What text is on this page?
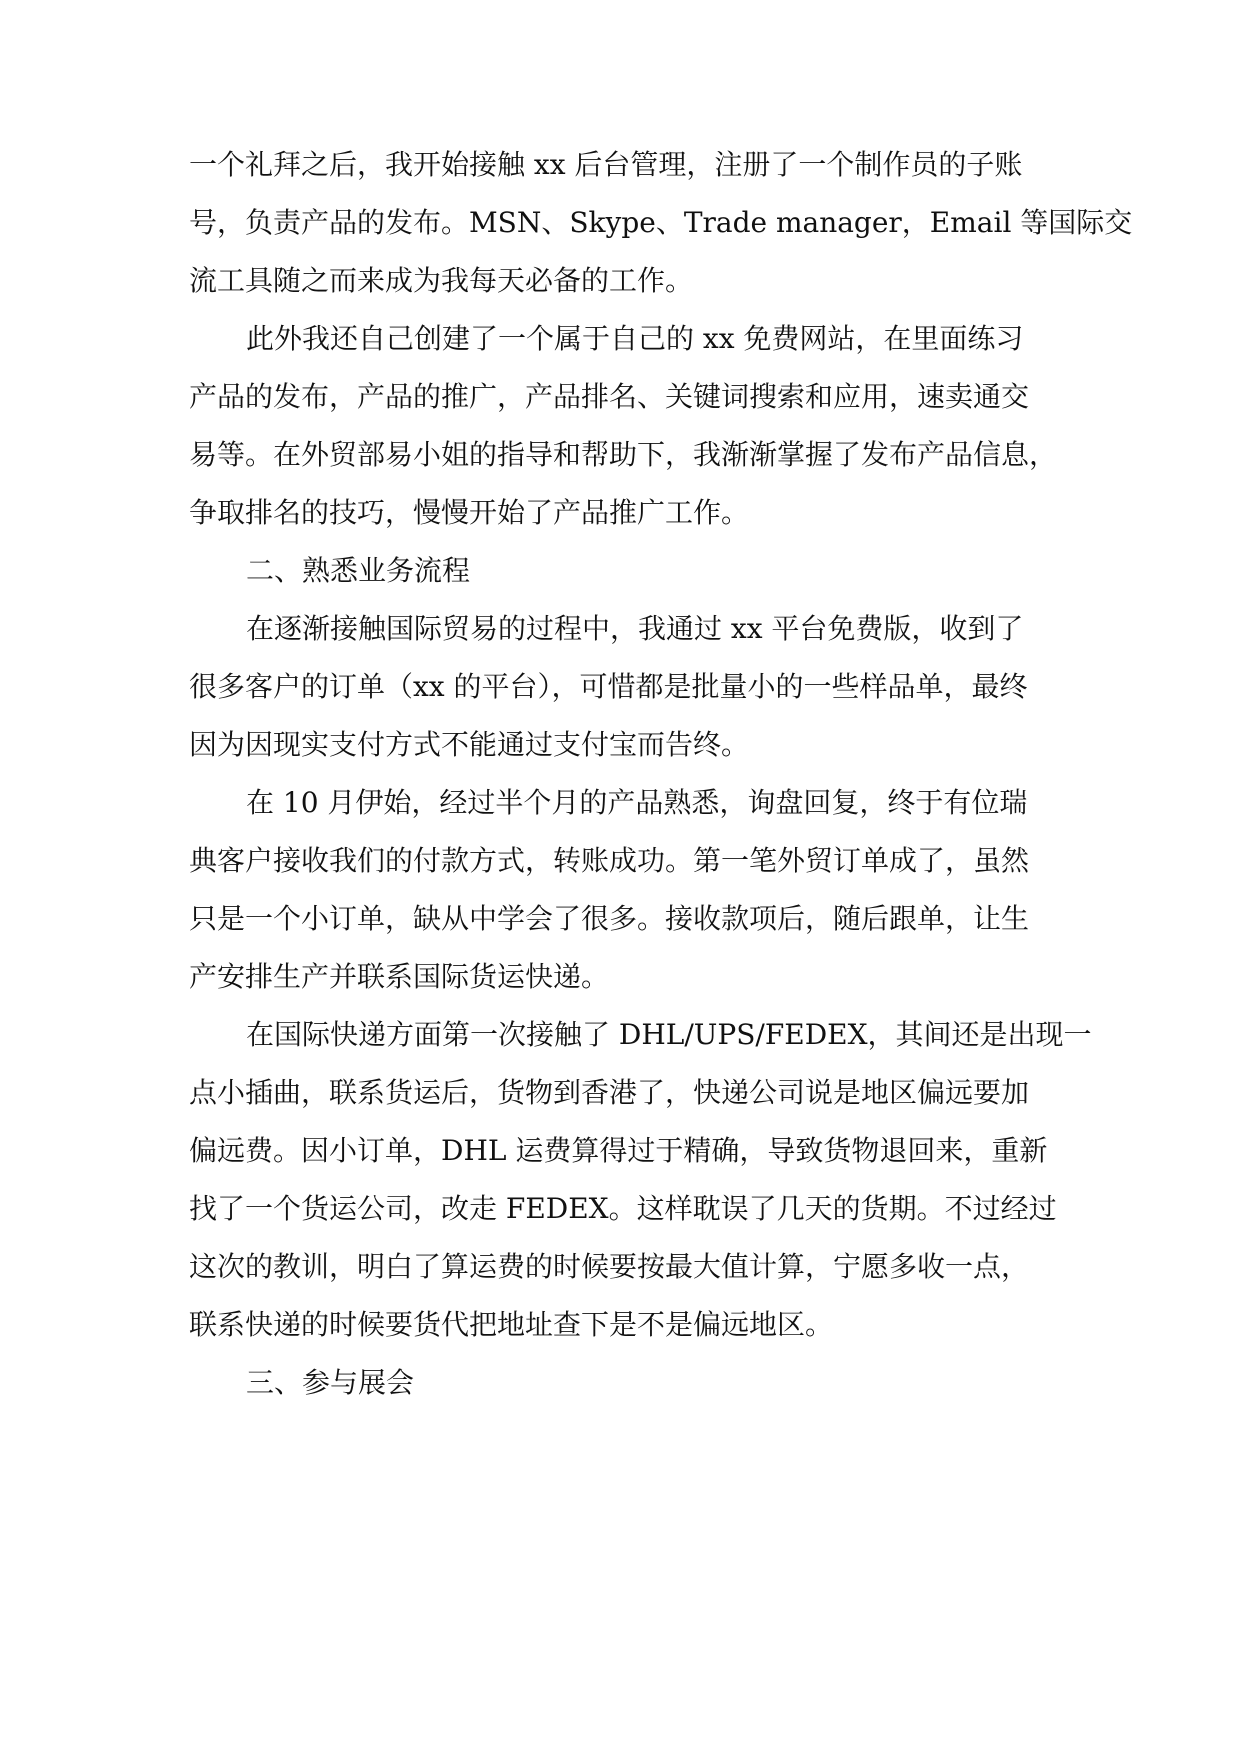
一个礼拜之后，我开始接触 xx 后台管理，注册了一个制作员的子账
号，负责产品的发布。MSN、Skype、Trade manager，Email 等国际交
流工具随之而来成为我每天必备的工作。
此外我还自己创建了一个属于自己的 xx 免费网站，在里面练习
产品的发布，产品的推广，产品排名、关键词搜索和应用，速卖通交
易等。在外贸部易小姐的指导和帮助下，我渐渐掌握了发布产品信息，
争取排名的技巧，慢慢开始了产品推广工作。
二、熟悉业务流程
在逐渐接触国际贸易的过程中，我通过 xx 平台免费版，收到了
很多客户的订单（xx 的平台），可惜都是批量小的一些样品单，最终
因为因现实支付方式不能通过支付宝而告终。
在 10 月伊始，经过半个月的产品熟悉，询盘回复，终于有位瑞
典客户接收我们的付款方式，转账成功。第一笔外贸订单成了，虽然
只是一个小订单，缺从中学会了很多。接收款项后，随后跟单，让生
产安排生产并联系国际货运快递。
在国际快递方面第一次接触了 DHL/UPS/FEDEX，其间还是出现一
点小插曲，联系货运后，货物到香港了，快递公司说是地区偏远要加
偏远费。因小订单，DHL 运费算得过于精确，导致货物退回来，重新
找了一个货运公司，改走 FEDEX。这样耽误了几天的货期。不过经过
这次的教训，明白了算运费的时候要按最大值计算，宁愿多收一点，
联系快递的时候要货代把地址查下是不是偏远地区。
三、参与展会
